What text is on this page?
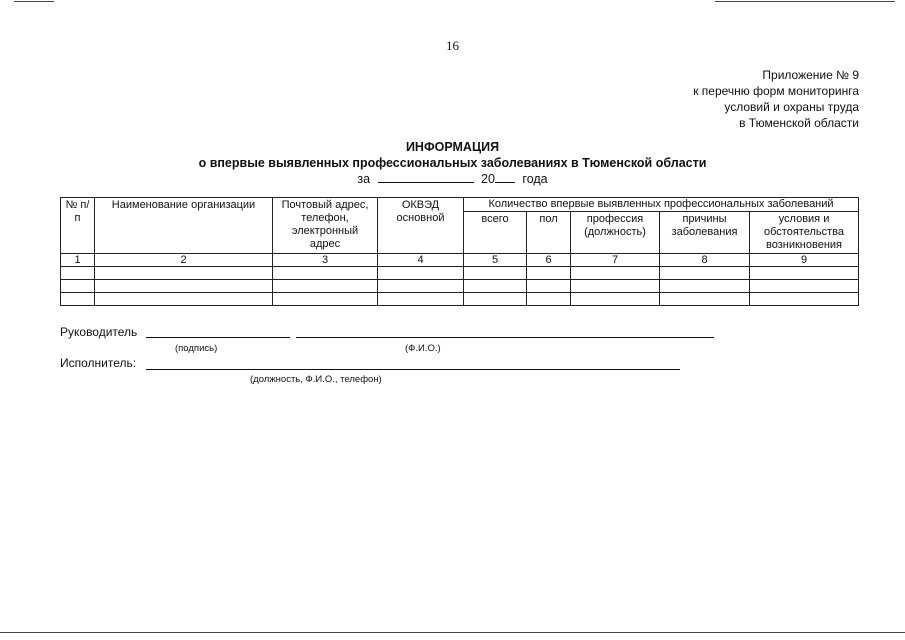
16
Приложение № 9
к перечню форм мониторинга
условий и охраны труда
в Тюменской области
ИНФОРМАЦИЯ
о впервые выявленных профессиональных заболеваниях в Тюменской области
за	20 года
№ п/п	Наименование организации	Почтовый адрес, телефон, электронный адрес	ОКВЭД основной	Количество впервые выявленных профессиональных заболеваний				
				всего	пол	профессия (должность)	причины заболевания	условия и обстоятельства возникновения
1	2	3	4	5	6	7	8	9

Руководитель
(подпись)	(Ф.И.О.)
Исполнитель:
(должность, Ф.И.О., телефон)
